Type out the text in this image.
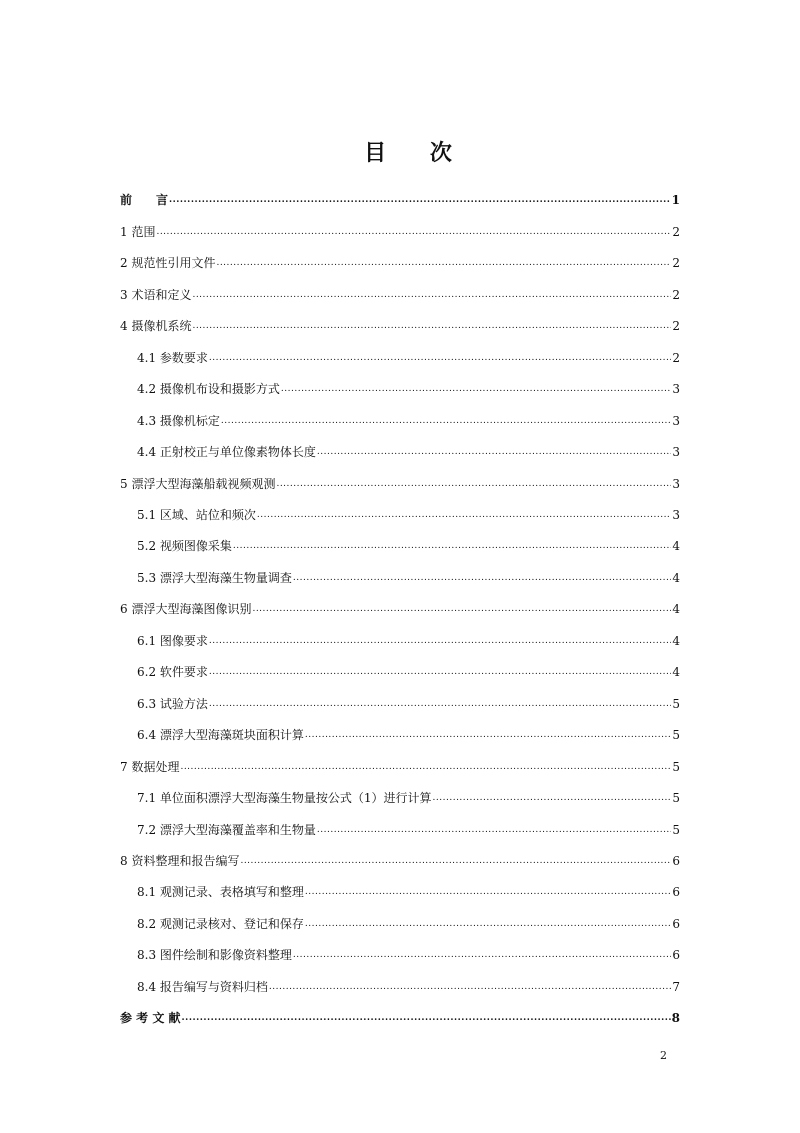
目 次
前　　言 .....	1
1 范围 .....	2
2 规范性引用文件 .....	2
3 术语和定义 .....	2
4 摄像机系统 .....	2
4.1 参数要求 .....	2
4.2 摄像机布设和摄影方式 .....	3
4.3 摄像机标定 .....	3
4.4 正射校正与单位像素物体长度 .....	3
5 漂浮大型海藻船载视频观测 .....	3
5.1 区域、站位和频次 .....	3
5.2 视频图像采集 .....	4
5.3 漂浮大型海藻生物量调查 .....	4
6 漂浮大型海藻图像识别 .....	4
6.1 图像要求 .....	4
6.2 软件要求 .....	4
6.3 试验方法 .....	5
6.4 漂浮大型海藻斑块面积计算 .....	5
7 数据处理 .....	5
7.1 单位面积漂浮大型海藻生物量按公式（1）进行计算 .....	5
7.2 漂浮大型海藻覆盖率和生物量 .....	5
8 资料整理和报告编写 .....	6
8.1 观测记录、表格填写和整理 .....	6
8.2 观测记录核对、登记和保存 .....	6
8.3 图件绘制和影像资料整理 .....	6
8.4 报告编写与资料归档 .....	7
参 考 文 献 .....	8
2
